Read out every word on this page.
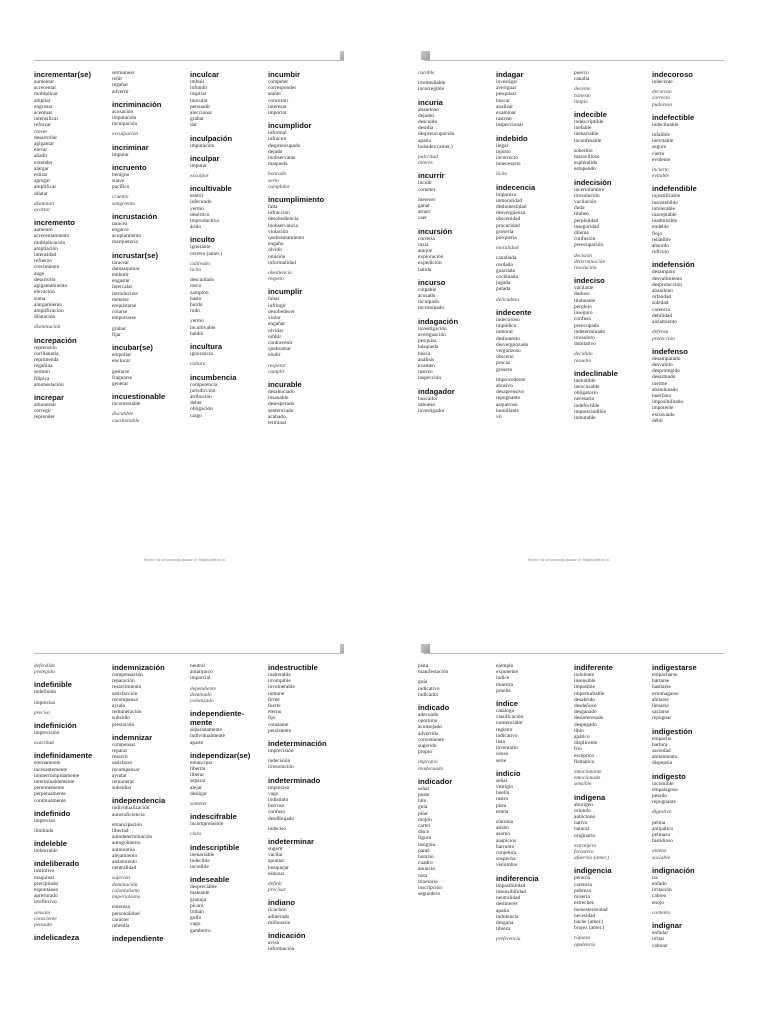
incrementar(se)
aumentar
acrecentar
multiplicar
ampliar
engrosar
acentuar
intensificar
reforzar
crecer
desarrollar
agigantar
elevar
añadir
extender
alargar
estirar
agregar
amplificar
dilatar
disminuir
acortar
incremento
aumento
acrecentamiento
multiplicación
ampliación
intensidad
refuerzo
crecimiento
auge
desarrollo
agigantamiento
elevación
suma
alargamiento
amplificación
dilatación
disminución
increpación
reprensión
corillanaria
reprimenda
regañina
sermón
filípica
amonestación
increpar
amonestar
corregir
reprender
sermonear
reñir
regañar
advertir
incriminación
acusación
imputación
inculpación
exculpación
incriminar
imputar
incruento
benigno
suave
pacífico
cruento
sangriento
incrustación
taracea
engarce
acoplamiento
marquetería
incrustar(se)
taracear
damasquinar
embutir
engastar
intercalar
introducirse
meterse
enquistarse
colarse
empotrarse
grabar
fijar
incubar(se)
empollar
enclocar
gestarse
fraguarse
generar
incuestionable
incontestable
discutible
cuestionable
inculcar
imbuir
infundir
inspirar
inoculár
persuadir
aleccionar
grabar
dar
inculpación
imputación
inculpar
imputar
exculpar
incultivable
estéril
infecundo
yermo
desértico
improductivo
árido
inculto
ignorante
cerrero (amer.)
cultivado
lícito
descuidado
tosco
zamplón
basto
burdo
rudo
yermo
incultivable
baldío
incultura
ignorancia
cultura
incumbencia
competencia
jurisdicción
atribución
deber
obligación
cargo
incumbir
competer
corresponder
atañer
concernir
interesar
importar
incumplidor
informal
infractor
despreocupado
dejado
inobservante
maqueda
honrado
serio
cumplidor
incumplimiento
falta
infracción
desobediencia
inobservancia
violación
quebrantamiento
engaño
olvido
omisión
informalidad
obediencia
respeto
incumplir
faltar
infringir
desobedecer
violar
engañar
olvidar
omitir
contravenir
quebrantar
eludir
respetar
cumplir
incurable
desahuciado
insanable
desesperado
sentenciado
acabado
terminal
Книги на испанском языке от hispanoteca.ru
curable
irremediable
incorregible
incuria
abandono
dejadez
descuido
desidia
despreocupación
apatía
bolsidez (amer.)
pulcritud
interés
incurrir
incidir
cometer
merecer
ganar
atraer
caer
incursión
correría
razia
ataque
exploración
expedición
batida
incurso
culpable
acusado
inculpado
incriminado
indagación
investigación
averiguación
pesquisa
búsqueda
busca
análisis
examen
rastreo
inspección
indagador
buscador
sabueso
investigador
indagar
investigar
averiguar
pesquisar
buscar
analizar
examinar
rastrear
inspeccionar
indebido
ilegal
injusto
incorrecto
innecesario
lícito
indecencia
impureza
inmoralidad
deshonestidad
desvergüenza
obscenidad
procacidad
grosería
porquería
moralidad
canallada
cerdada
guarrada
cochinada
jugada
putada
delicadeza
indecente
indecoroso
impúdico
inmoral
deshonesto
desvergonzado
vergonzoso
obsceno
procaz
grosero
improcedente
abusivo
desaprensivo
repugnante
asqueroso
humillante
vil
puerco
canalla
decente
honesto
limpio
indecible
indescriptible
inefable
inenarrable
inconfesable
soberbio
maravilloso
espléndido
estupendo
indecisión
incertidumbre
irresolución
vacilación
duda
titubeo
perplejidad
inseguridad
dilema
confusión
preocupación
decisión
determinación
resolución
indeciso
vacilante
dudoso
titubeante
perplejo
inseguro
confuso
preocupado
indeterminado
irresoluto
dubitativo
decidido
resuelto
indeclinable
ineludible
inexcusable
obligatorio
necesario
indefectible
imprescindible
inmutable
indecoroso
indecente
decoroso
correcto
pudoroso
indefectible
indeclinable
infalible
inevitable
seguro
cierto
evidente
incierto
evitable
indefendible
injustificable
insostenible
intolerable
inaceptable
inadmisible
endeble
flojo
rebatible
absurdo
ridículo
indefensión
desamparo
desvalimiento
desprotección
abandono
orfandad
soledad
carencia
debilidad
aislamiento
defensa
protección
indefenso
desamparado
desvalido
desprotegido
desarmado
inerme
abandonado
huérfano
imposibilitado
impotente
extraviado
débil
Книги на испанском языке от hispanoteca.ru
defendido
protegido
indefinible
indefinido
impreciso
preciso
indefinición
imprecisión
exactitud
indefinidamente
eternamente
incesantemente
ininterrumpidamente
interminablemente
perennemente
perpetuamente
continuamente
indefinido
impreciso
ilimitado
indeleble
imborrable
indeliberado
instintivo
maquinal
precipitado
espontáneo
apresurado
irreflexivo
sensato
consciente
pensado
indelicadeza
indemnización
compensación
reparación
resarcimiento
satisfacción
recompensa
ayuda
remuneración
subsidio
prestación
indemnizar
compensar
reparar
resarcir
satisfacer
recompensar
ayudar
remunerar
subsidiar
independencia
individualización
autosuficiencia
emancipación
libertad
autodeterminación
autogobierno
autonomía
alejamiento
aislamiento
neutralidad
sujeción
dominación
colonialismo
imperialismo
entereza
personalidad
carácter
rebeldía
independiente
neutral
autárquico
imparcial
dependiente
dominado
colonizado
independiente-mente
separadamente
individualmente
aparte
independizar(se)
emancipar
libertar
liberar
separar
alejar
desligar
someter
indescifrable
incomprensible
claro
indescriptible
inenarrable
indecible
increíble
indeseable
despreciable
maleante
granuja
pícaro
truhán
golfo
vago
gamberro
indestructible
inalterable
irrompible
invulnerable
inmune
firme
fuerte
eterno
fijo
constante
persistente
indeterminación
imprecisión
indecisión
irresolución
indeterminado
impreciso
vago
indistinto
borroso
confuso
desdibujado
indeciso
indeterminar
sugerir
vacilar
apuntar
bosquejar
esbozar
definir
precisar
indiano
ricachón
adinerado
millonario
indicación
aviso
información
pista
manifestación
guía
indicativo
indicador
indicado
adecuado
oportuno
aconsejado
advertido
conveniente
sugerido
propio
impropio
inadecuado
indicador
señal
poste
hito
guía
pilar
mojón
cartel
disco
figura
insignia
panel
horario
cuadro
anuncio
nota
itinerario
inscripción
segundero
ejemplo
exponente
índice
muestra
prueba
índice
catálogo
clasificación
nomenclátor
registro
indicativo
lista
inventario
censo
serie
indicio
señal
vestigio
huella
rastro
pista
estela
síntoma
atisbo
asomo
auspicios
barrunto
conjetura
sospecha
vislumbre
indiferencia
impasibilidad
insensibilidad
neutralidad
desinterés
apatía
indolencia
desgana
tibieza
preferencia
indiferente
indolente
insensible
impasible
imperturbable
desabrido
desdeñoso
desganado
desinteresado
despegado
tibio
apático
displicente
frío
escéptico
flemático
emocionante
emocionado
sensible
indígena
aborigen
oriundo
autóctono
nativo
natural
originario
extranjero
forastero
afuerino (amer.)
indigencia
penuria
carencia
pobreza
miseria
estrechez
menesterosidad
necesidad
bache (amer.)
brujez (amer.)
riqueza
opulencia
indigestarse
empacharse
hartarse
hastiarse
estomagarse
ahitarse
llenarse
saciarse
repugnar
indigestión
empacho
hartura
saciedad
ahitamiento
dispepsia
indigesto
incomible
empalagoso
pesado
repugnante
digestivo
pelma
antipático
pelmazo
fastidioso
ameno
sociable
indignación
ira
enfado
irritación
cabreo
enojo
contento
indignar
enfadar
irritar
cabrear
